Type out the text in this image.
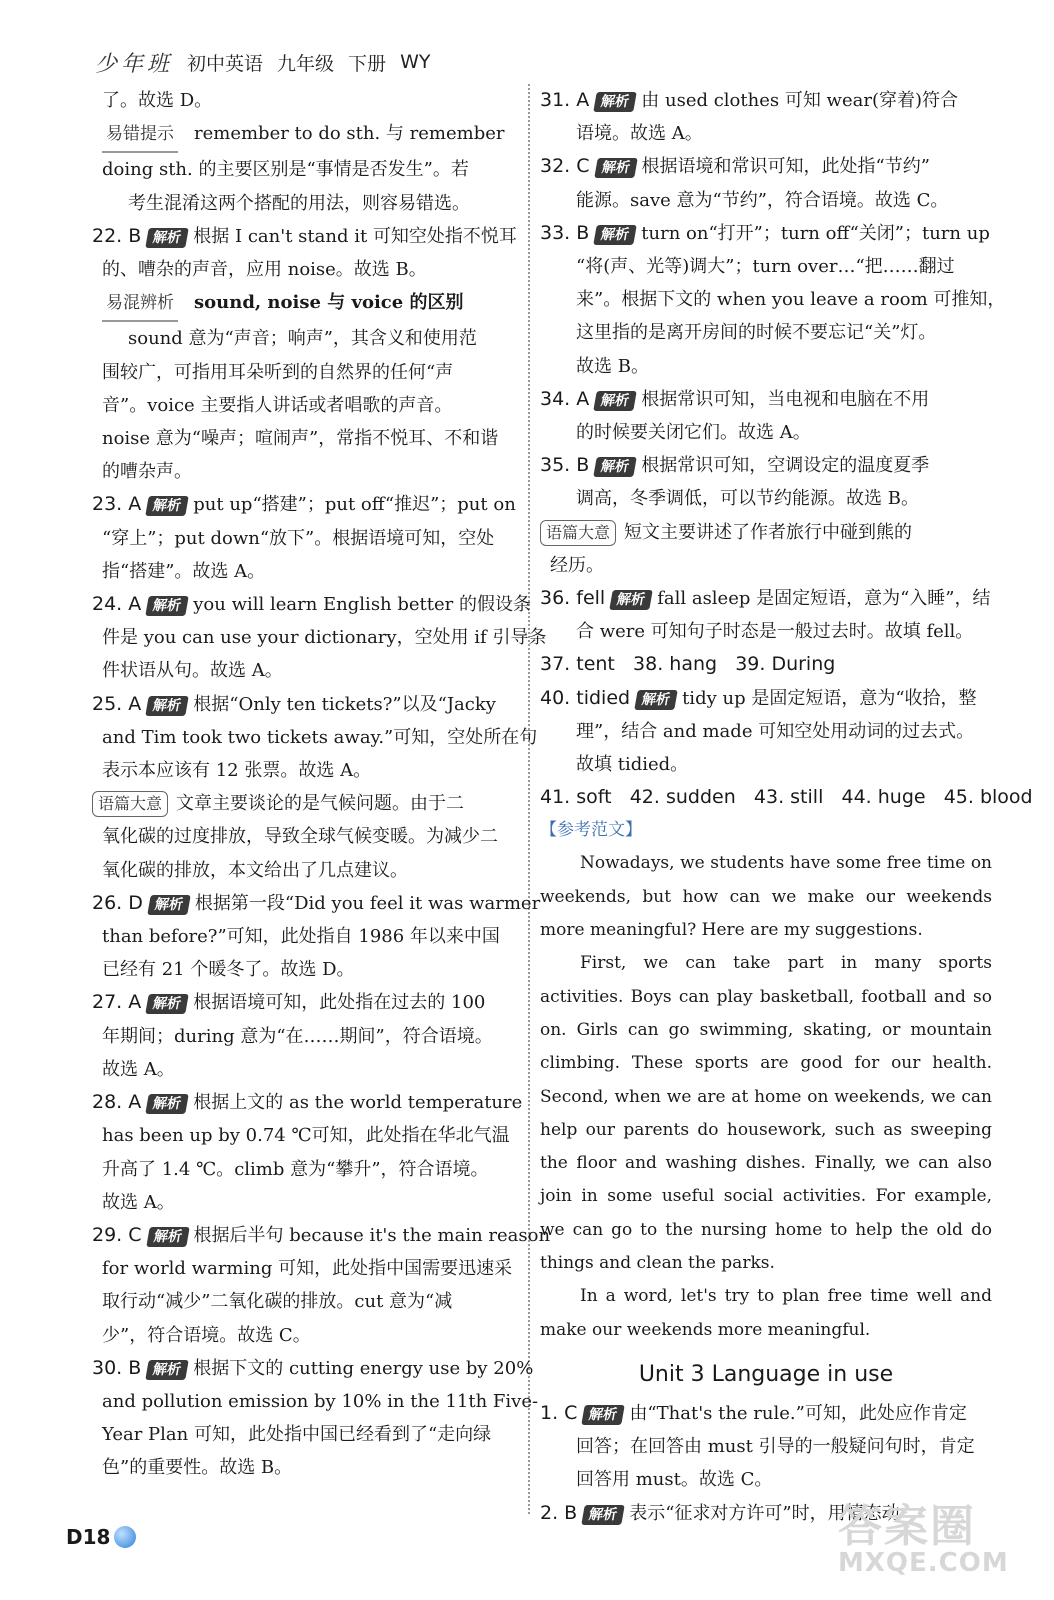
少年班 初中英语 九年级 下册 WY

了。故选 D。

易错提示 remember to do sth. 与 remember

doing sth. 的主要区别是“事情是否发生”。若

考生混淆这两个搭配的用法，则容易错选。

22. B 解析 根据 I can't stand it 可知空处指不悦耳

的、嘈杂的声音，应用 noise。故选 B。

易混辨析 sound, noise 与 voice 的区别

sound 意为“声音；响声”，其含义和使用范

围较广，可指用耳朵听到的自然界的任何“声

音”。voice 主要指人讲话或者唱歌的声音。

noise 意为“噪声；喧闹声”，常指不悦耳、不和谐

的嘈杂声。

23. A 解析 put up“搭建”；put off“推迟”；put on

“穿上”；put down“放下”。根据语境可知，空处

指“搭建”。故选 A。

24. A 解析 you will learn English better 的假设条

件是 you can use your dictionary，空处用 if 引导条

件状语从句。故选 A。

25. A 解析 根据“Only ten tickets?”以及“Jacky

and Tim took two tickets away.”可知，空处所在句

表示本应该有 12 张票。故选 A。

语篇大意 文章主要谈论的是气候问题。由于二

氧化碳的过度排放，导致全球气候变暖。为减少二

氧化碳的排放，本文给出了几点建议。

26. D 解析 根据第一段“Did you feel it was warmer

than before?”可知，此处指自 1986 年以来中国

已经有 21 个暖冬了。故选 D。

27. A 解析 根据语境可知，此处指在过去的 100

年期间；during 意为“在……期间”，符合语境。

故选 A。

28. A 解析 根据上文的 as the world temperature

has been up by 0.74 ℃可知，此处指在华北气温

升高了 1.4 ℃。climb 意为“攀升”，符合语境。

故选 A。

29. C 解析 根据后半句 because it's the main reason

for world warming 可知，此处指中国需要迅速采

取行动“减少”二氧化碳的排放。cut 意为“减

少”，符合语境。故选 C。

30. B 解析 根据下文的 cutting energy use by 20%

and pollution emission by 10% in the 11th Five-

Year Plan 可知，此处指中国已经看到了“走向绿

色”的重要性。故选 B。

31. A 解析 由 used clothes 可知 wear(穿着)符合

语境。故选 A。

32. C 解析 根据语境和常识可知，此处指“节约”

能源。save 意为“节约”，符合语境。故选 C。

33. B 解析 turn on“打开”；turn off“关闭”；turn up

“将(声、光等)调大”；turn over…“把……翻过

来”。根据下文的 when you leave a room 可推知，

这里指的是离开房间的时候不要忘记“关”灯。

故选 B。

34. A 解析 根据常识可知，当电视和电脑在不用

的时候要关闭它们。故选 A。

35. B 解析 根据常识可知，空调设定的温度夏季

调高，冬季调低，可以节约能源。故选 B。

语篇大意 短文主要讲述了作者旅行中碰到熊的

经历。

36. fell 解析 fall asleep 是固定短语，意为“入睡”，结

合 were 可知句子时态是一般过去时。故填 fell。

37. tent 38. hang 39. During

40. tidied 解析 tidy up 是固定短语，意为“收拾，整

理”，结合 and made 可知空处用动词的过去式。

故填 tidied。

41. soft 42. sudden 43. still 44. huge 45. blood

【参考范文】

Nowadays, we students have some free time on weekends, but how can we make our weekends more meaningful? Here are my suggestions.

First, we can take part in many sports activities. Boys can play basketball, football and so on. Girls can go swimming, skating, or mountain climbing. These sports are good for our health. Second, when we are at home on weekends, we can help our parents do housework, such as sweeping the floor and washing dishes. Finally, we can also join in some useful social activities. For example, we can go to the nursing home to help the old do things and clean the parks.

In a word, let's try to plan free time well and make our weekends more meaningful.

Unit 3 Language in use

1. C 解析 由“That's the rule.”可知，此处应作肯定

回答；在回答由 must 引导的一般疑问句时，肯定

回答用 must。故选 C。

2. B 解析 表示“征求对方许可”时，用情态动

D18	答案圈
MXQE.COM
